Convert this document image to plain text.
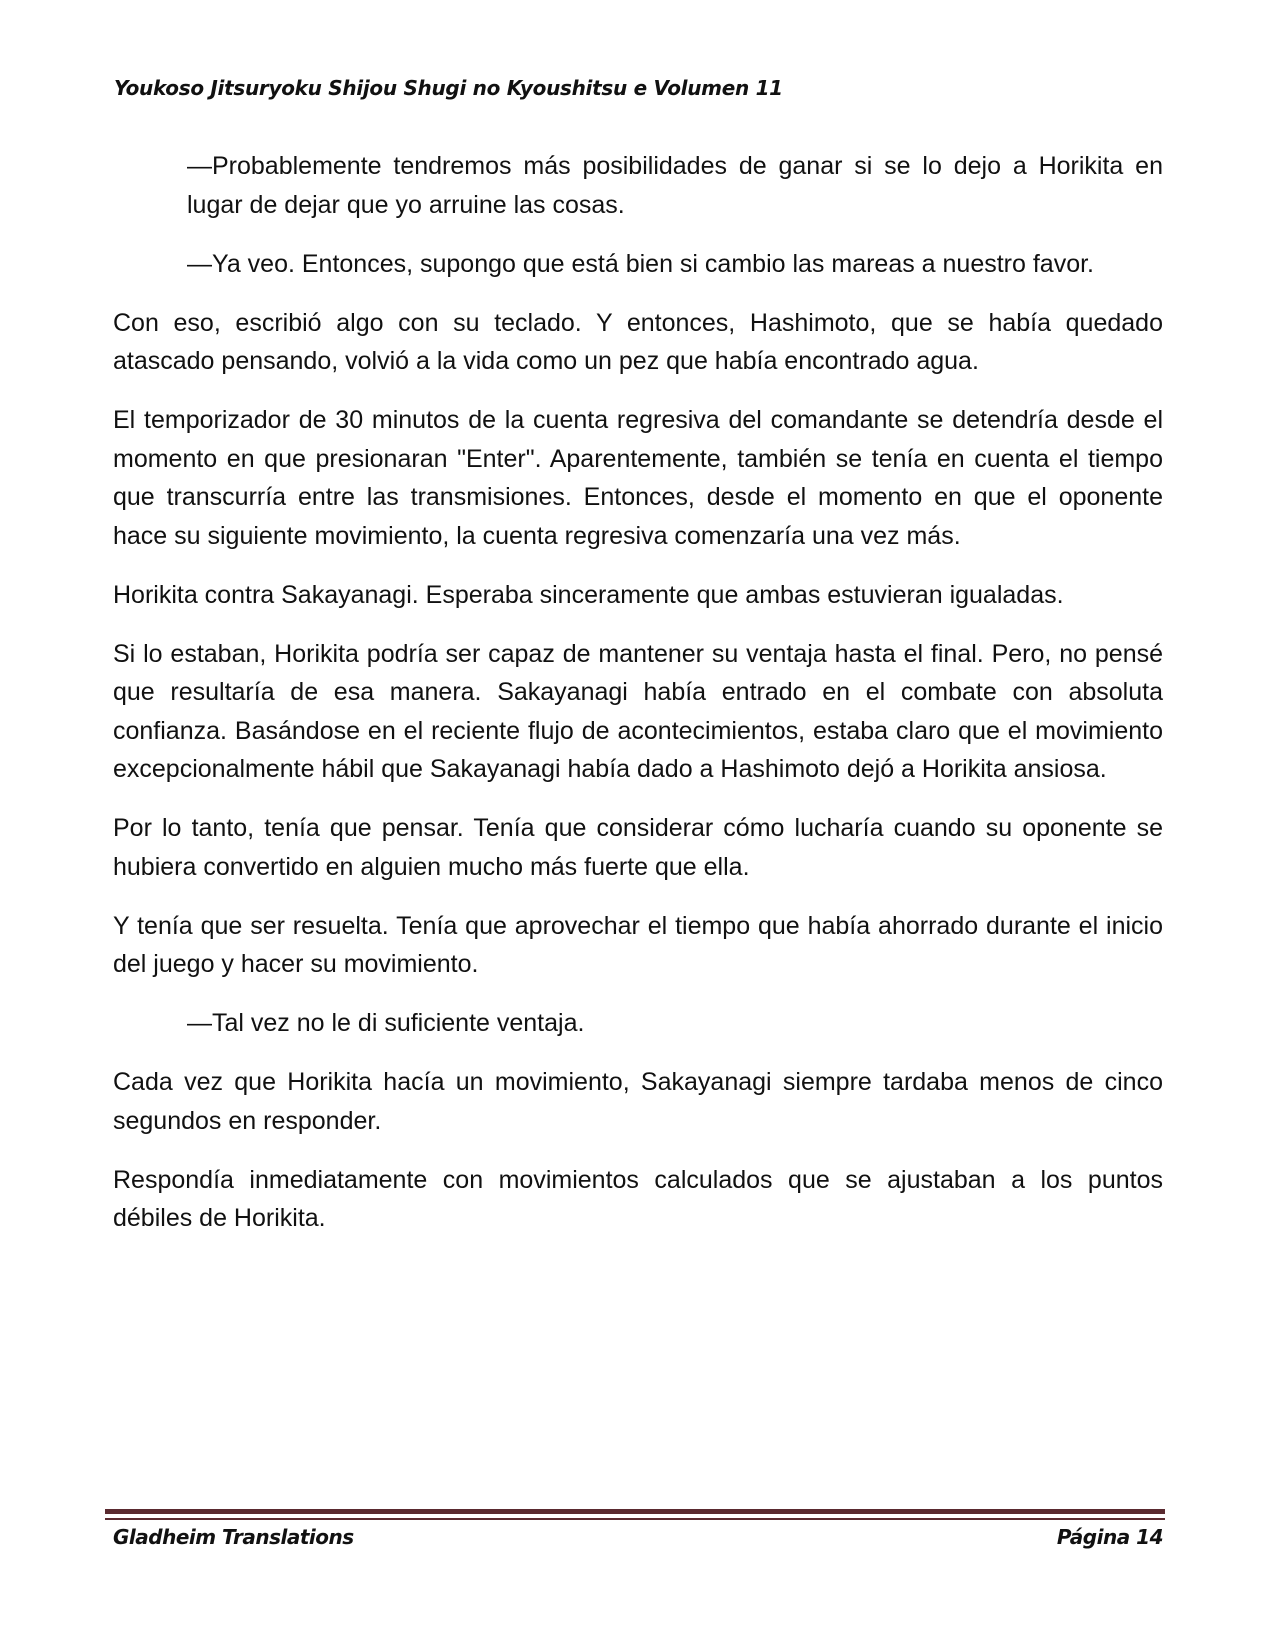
Youkoso Jitsuryoku Shijou Shugi no Kyoushitsu e Volumen 11

—Probablemente tendremos más posibilidades de ganar si se lo dejo a Horikita en lugar de dejar que yo arruine las cosas.

—Ya veo. Entonces, supongo que está bien si cambio las mareas a nuestro favor.

Con eso, escribió algo con su teclado. Y entonces, Hashimoto, que se había quedado atascado pensando, volvió a la vida como un pez que había encontrado agua.

El temporizador de 30 minutos de la cuenta regresiva del comandante se detendría desde el momento en que presionaran "Enter". Aparentemente, también se tenía en cuenta el tiempo que transcurría entre las transmisiones. Entonces, desde el momento en que el oponente hace su siguiente movimiento, la cuenta regresiva comenzaría una vez más.

Horikita contra Sakayanagi. Esperaba sinceramente que ambas estuvieran igualadas.

Si lo estaban, Horikita podría ser capaz de mantener su ventaja hasta el final. Pero, no pensé que resultaría de esa manera. Sakayanagi había entrado en el combate con absoluta confianza. Basándose en el reciente flujo de acontecimientos, estaba claro que el movimiento excepcionalmente hábil que Sakayanagi había dado a Hashimoto dejó a Horikita ansiosa.

Por lo tanto, tenía que pensar. Tenía que considerar cómo lucharía cuando su oponente se hubiera convertido en alguien mucho más fuerte que ella.

Y tenía que ser resuelta. Tenía que aprovechar el tiempo que había ahorrado durante el inicio del juego y hacer su movimiento.

—Tal vez no le di suficiente ventaja.

Cada vez que Horikita hacía un movimiento, Sakayanagi siempre tardaba menos de cinco segundos en responder.

Respondía inmediatamente con movimientos calculados que se ajustaban a los puntos débiles de Horikita.

Gladheim Translations	Página 14
